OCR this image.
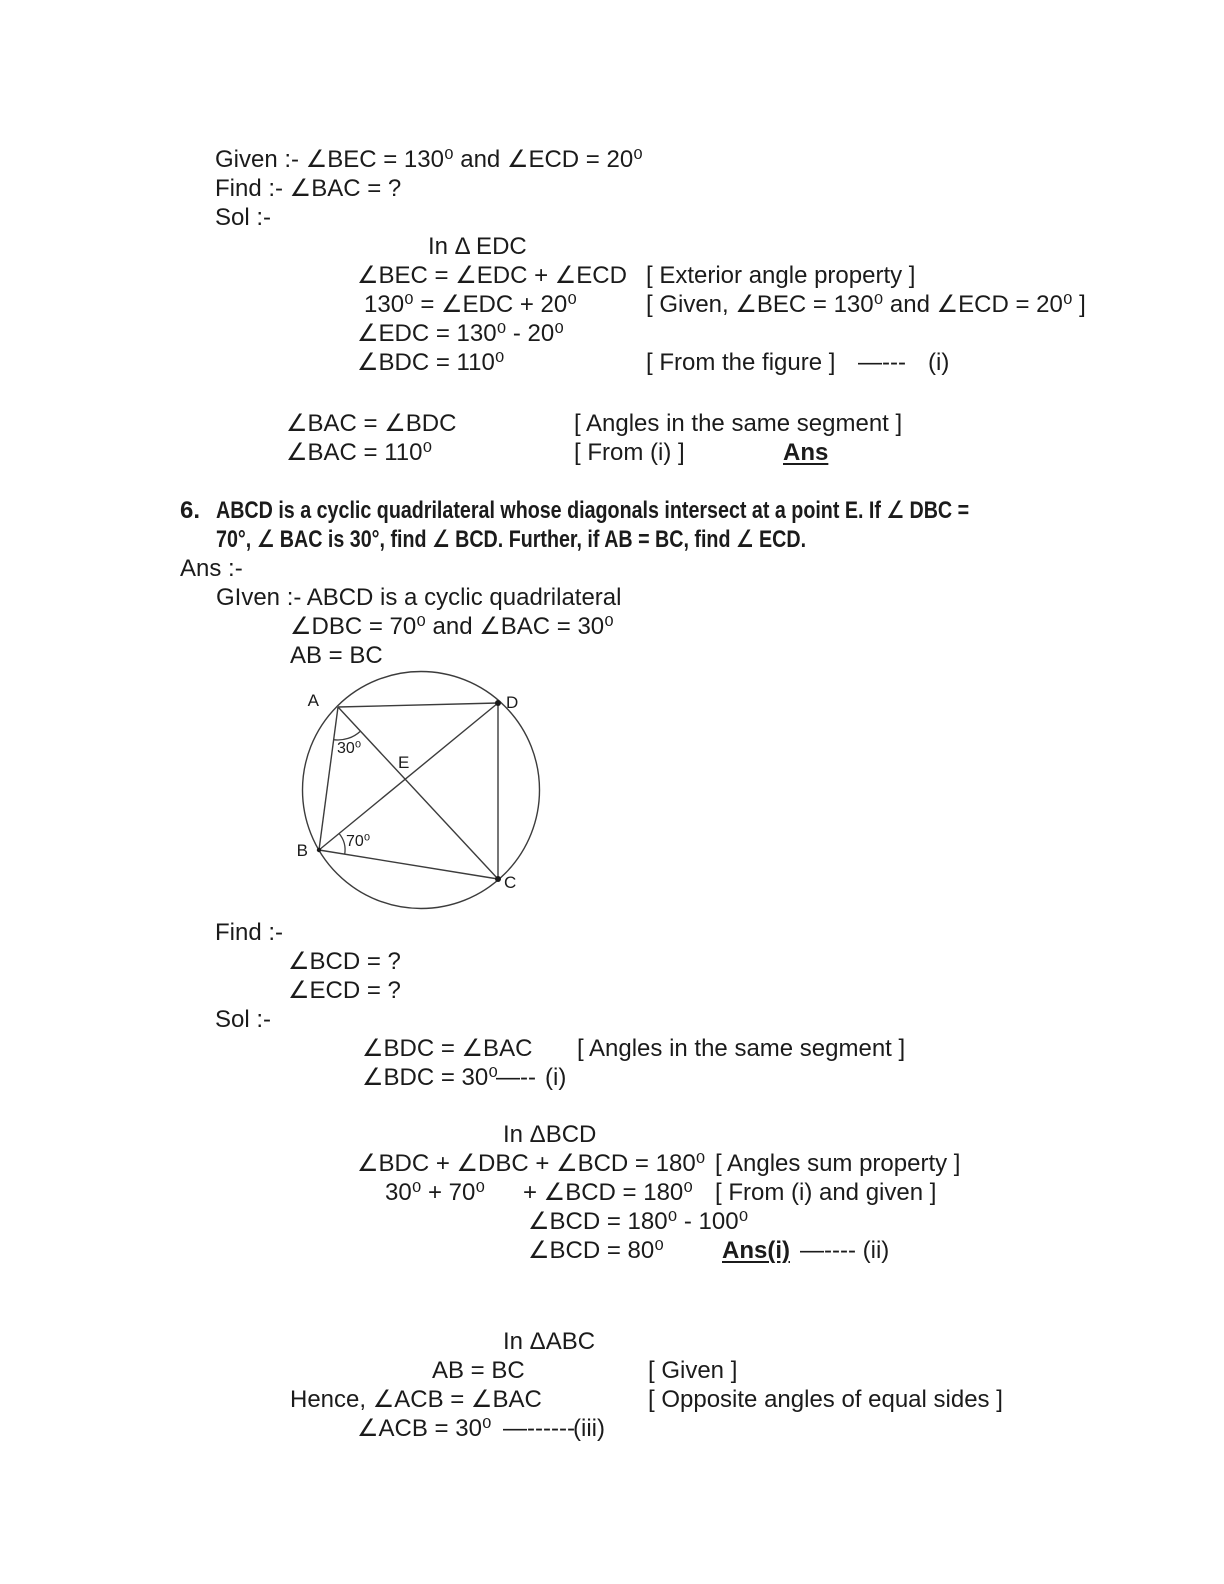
Given :- ∠BEC = 130⁰ and ∠ECD = 20⁰
Find :- ∠BAC = ?
Sol :-
In Δ EDC
∠BEC = ∠EDC + ∠ECD [ Exterior angle property ]
130⁰ = ∠EDC + 20⁰	[ Given, ∠BEC = 130⁰ and ∠ECD = 20⁰ ]
∠EDC = 130⁰ - 20⁰
∠BDC = 110⁰	[ From the figure ] —--- (i)
∠BAC = ∠BDC	[ Angles in the same segment ]
∠BAC = 110⁰	[ From (i) ]	Ans
6. ABCD is a cyclic quadrilateral whose diagonals intersect at a point E. If ∠ DBC =
70°, ∠ BAC is 30°, find ∠ BCD. Further, if AB = BC, find ∠ ECD.
Ans :-
GIven :- ABCD is a cyclic quadrilateral
∠DBC = 70⁰ and ∠BAC = 30⁰
AB = BC
A	D
B
C
E
30⁰
70⁰
Find :-
∠BCD = ?
∠ECD = ?
Sol :-
∠BDC = ∠BAC [ Angles in the same segment ]
∠BDC = 30⁰
—-- (i)
In ΔBCD
∠BDC + ∠DBC + ∠BCD = 180⁰ [ Angles sum property ]
30⁰ + 70⁰ + ∠BCD = 180⁰ [ From (i) and given ]
∠BCD = 180⁰ - 100⁰
∠BCD = 80⁰ Ans(i) —---- (ii)
In ΔABC
AB = BC	[ Given ]
Hence, ∠ACB = ∠BAC	[ Opposite angles of equal sides ]
∠ACB = 30⁰ —------
(iii)
